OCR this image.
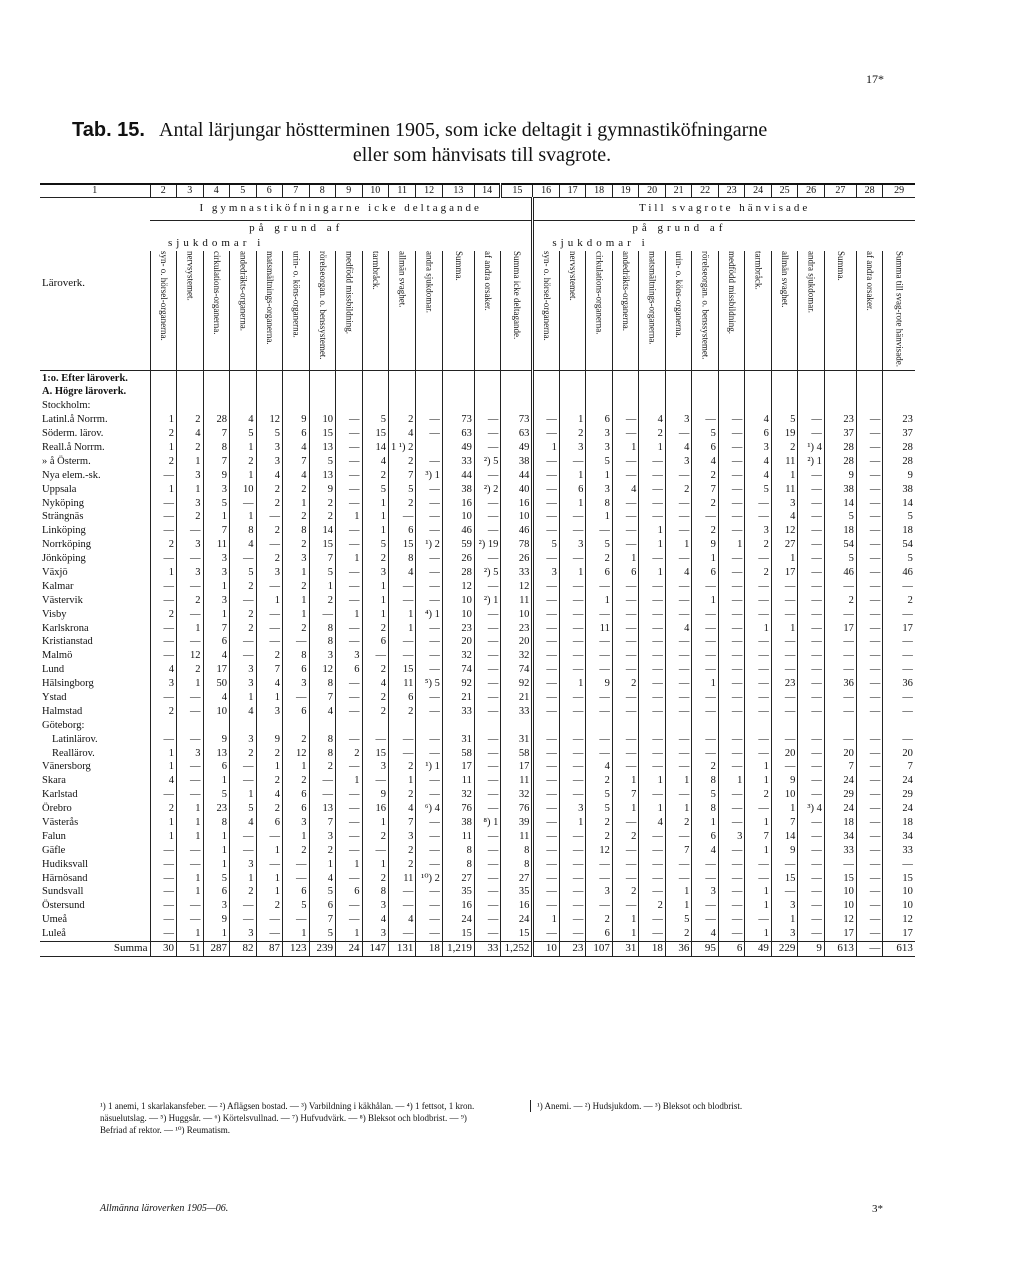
17*
Tab. 15. Antal lärjungar höstterminen 1905, som icke deltagit i gymnastiköfningarne
eller som hänvisats till svagrote.
1	2	3	4	5	6	7	8	9	10	11	12	13	14	15	16	17	18	19	20	21	22	23	24	25	26	27	28	29
Läroverk.	I gymnastiköfningarne icke deltagande														Till svagrote hänvisade													
	på grund af														på grund af													
	sjukdomar i														sjukdomar i													
	syn- o. hörsel-organerna.	nervsystemet.	cirkulations-organerna.	andedräkts-organerna.	matsmältnings-organerna.	urin- o. köns-organerna.	rörelseorgan. o. benssystemet.	medfödd missbildning.	tarmbråck.	allmän svaghet.	andra sjukdomar.	Summa.	af andra orsaker.	Summa icke deltagande.	syn- o. hörsel-organerna.	nervsystemet.	cirkulations-organerna.	andedräkts-organerna.	matsmältnings-organerna.	urin- o. köns-organerna.	rörelseorgan. o. benssystemet.	medfödd missbildning.	tarmbråck.	allmän svaghet.	andra sjukdomar.	Summa.	af andra orsaker.	Summa till svag-rote hänvisade.
1:o. Efter läroverk.																												
A. Högre läroverk.																												
Stockholm:																												
Latinl.å Norrm.	1	2	28	4	12	9	10	—	5	2	—	73	—	73	—	1	6	—	4	3	—	—	4	5	—	23	—	23
Söderm. lärov.	2	4	7	5	5	6	15	—	15	4	—	63	—	63	—	2	3	—	2	—	5	—	6	19	—	37	—	37
Reall.å Norrm.	1	2	8	1	3	4	13	—	14	1 ¹) 2		49	—	49	1	3	3	1	1	4	6	—	3	2	¹) 4	28	—	28
» å Österm.	2	1	7	2	3	7	5	—	4	2	—	33	²) 5	38	—	—	5	—	—	3	4	—	4	11	²) 1	28	—	28
Nya elem.-sk.	—	3	9	1	4	4	13	—	2	7	³) 1	44	—	44	—	1	1	—	—	—	2	—	4	1	—	9	—	9
Uppsala	1	1	3	10	2	2	9	—	5	5	—	38	²) 2	40	—	6	3	4	—	2	7	—	5	11	—	38	—	38
Nyköping	—	3	5	—	2	1	2	—	1	2	—	16	—	16	—	1	8	—	—	—	2	—	—	3	—	14	—	14
Strängnäs	—	2	1	1	—	2	2	1	1	—	—	10	—	10	—	—	1	—	—	—	—	—	—	4	—	5	—	5
Linköping	—	—	7	8	2	8	14	—	1	6	—	46	—	46	—	—	—	—	1	—	2	—	3	12	—	18	—	18
Norrköping	2	3	11	4	—	2	15	—	5	15	¹) 2	59	²) 19	78	5	3	5	—	1	1	9	1	2	27	—	54	—	54
Jönköping	—	—	3	—	2	3	7	1	2	8	—	26	—	26	—	—	2	1	—	—	1	—	—	1	—	5	—	5
Växjö	1	3	3	5	3	1	5	—	3	4	—	28	²) 5	33	3	1	6	6	1	4	6	—	2	17	—	46	—	46
Kalmar	—	—	1	2	—	2	1	—	1	—	—	12	—	12	—	—	—	—	—	—	—	—	—	—	—	—	—	—
Västervik	—	2	3	—	1	1	2	—	1	—	—	10	²) 1	11	—	—	1	—	—	—	1	—	—	—	—	2	—	2
Visby	2	—	1	2	—	1	—	1	1	1	⁴) 1	10	—	10	—	—	—	—	—	—	—	—	—	—	—	—	—	—
Karlskrona	—	1	7	2	—	2	8	—	2	1	—	23	—	23	—	—	11	—	—	4	—	—	1	1	—	17	—	17
Kristianstad	—	—	6	—	—	—	8	—	6	—	—	20	—	20	—	—	—	—	—	—	—	—	—	—	—	—	—	—
Malmö	—	12	4	—	2	8	3	3	—	—	—	32	—	32	—	—	—	—	—	—	—	—	—	—	—	—	—	—
Lund	4	2	17	3	7	6	12	6	2	15	—	74	—	74	—	—	—	—	—	—	—	—	—	—	—	—	—	—
Hälsingborg	3	1	50	3	4	3	8	—	4	11	⁵) 5	92	—	92	—	1	9	2	—	—	1	—	—	23	—	36	—	36
Ystad	—	—	4	1	1	—	7	—	2	6	—	21	—	21	—	—	—	—	—	—	—	—	—	—	—	—	—	—
Halmstad	2	—	10	4	3	6	4	—	2	2	—	33	—	33	—	—	—	—	—	—	—	—	—	—	—	—	—	—
Göteborg:																												
Latinlärov.	—	—	9	3	9	2	8	—	—	—	—	31	—	31	—	—	—	—	—	—	—	—	—	—	—	—	—	—
Reallärov.	1	3	13	2	2	12	8	2	15	—	—	58	—	58	—	—	—	—	—	—	—	—	—	20	—	20	—	20
Vänersborg	1	—	6	—	1	1	2	—	3	2	¹) 1	17	—	17	—	—	4	—	—	—	2	—	1	—	—	7	—	7
Skara	4	—	1	—	2	2	—	1	—	1	—	11	—	11	—	—	2	1	1	1	8	1	1	9	—	24	—	24
Karlstad	—	—	5	1	4	6	—	—	9	2	—	32	—	32	—	—	5	7	—	—	5	—	2	10	—	29	—	29
Örebro	2	1	23	5	2	6	13	—	16	4	⁶) 4	76	—	76	—	3	5	1	1	1	8	—	—	1	³) 4	24	—	24
Västerås	1	1	8	4	6	3	7	—	1	7	—	38	⁸) 1	39	—	1	2	—	4	2	1	—	1	7	—	18	—	18
Falun	1	1	1	—	—	1	3	—	2	3	—	11	—	11	—	—	2	2	—	—	6	3	7	14	—	34	—	34
Gäfle	—	—	1	—	1	2	2	—	—	2	—	8	—	8	—	—	12	—	—	7	4	—	1	9	—	33	—	33
Hudiksvall	—	—	1	3	—	—	1	1	1	2	—	8	—	8	—	—	—	—	—	—	—	—	—	—	—	—	—	—
Härnösand	—	1	5	1	1	—	4	—	2	11	¹⁰) 2	27	—	27	—	—	—	—	—	—	—	—	—	15	—	15	—	15
Sundsvall	—	1	6	2	1	6	5	6	8	—	—	35	—	35	—	—	3	2	—	1	3	—	1	—	—	10	—	10
Östersund	—	—	3	—	2	5	6	—	3	—	—	16	—	16	—	—	—	—	2	1	—	—	1	3	—	10	—	10
Umeå	—	—	9	—	—	—	7	—	4	4	—	24	—	24	1	—	2	1	—	5	—	—	—	1	—	12	—	12
Luleå	—	1	1	3	—	1	5	1	3	—	—	15	—	15	—	—	6	1	—	2	4	—	1	3	—	17	—	17
Summa	30	51	287	82	87	123	239	24	147	131	18	1,219	33	1,252	10	23	107	31	18	36	95	6	49	229	9	613	—	613
¹) 1 anemi, 1 skarlakansfeber. — ²) Aflägsen bostad. — ³) Varbildning i käkhålan. — ⁴) 1 fettsot, 1 kron. näsuelutslag. — ⁵) Huggsår. — ⁶) Körtelsvullnad. — ⁷) Hufvudvärk. — ⁸) Bleksot och blodbrist. — ⁹) Befriad af rektor. — ¹⁰) Reumatism.
¹) Anemi. — ²) Hudsjukdom. — ³) Bleksot och blodbrist.
Allmänna läroverken 1905—06.	3*
